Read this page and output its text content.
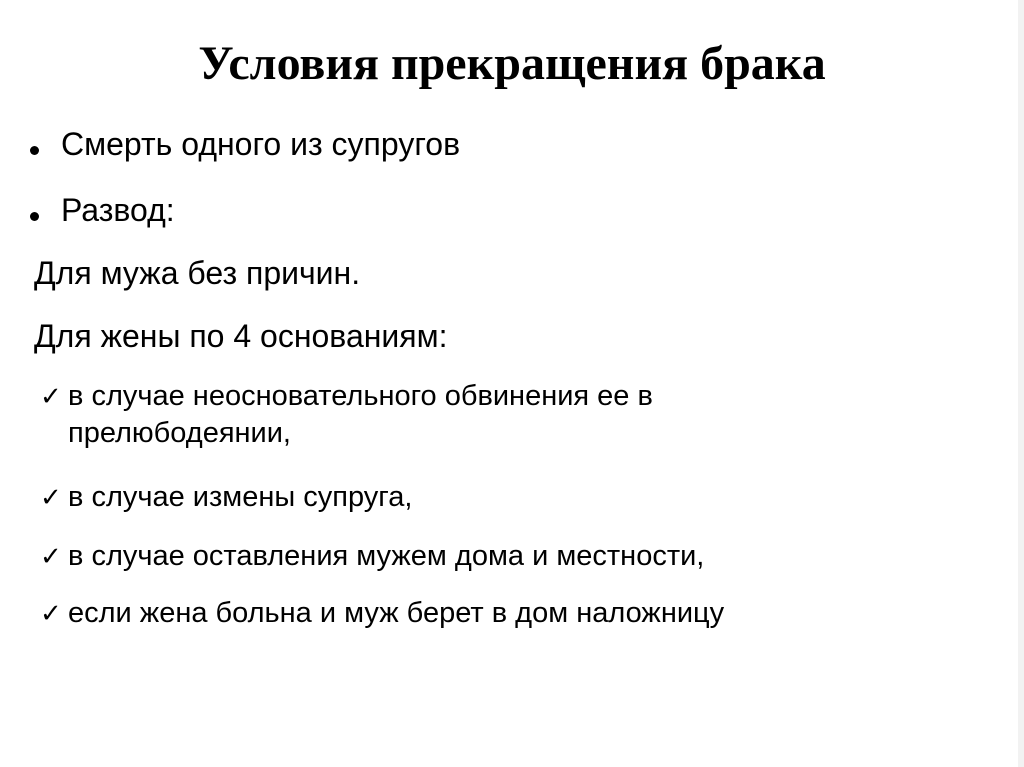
Условия прекращения брака
Смерть одного из супругов
Развод:
Для мужа без причин.
Для жены по 4 основаниям:
✓ в случае неосновательного обвинения ее в
прелюбодеянии,
✓ в случае измены супруга,
✓ в случае оставления мужем дома и местности,
✓ если жена больна и муж берет в дом наложницу
